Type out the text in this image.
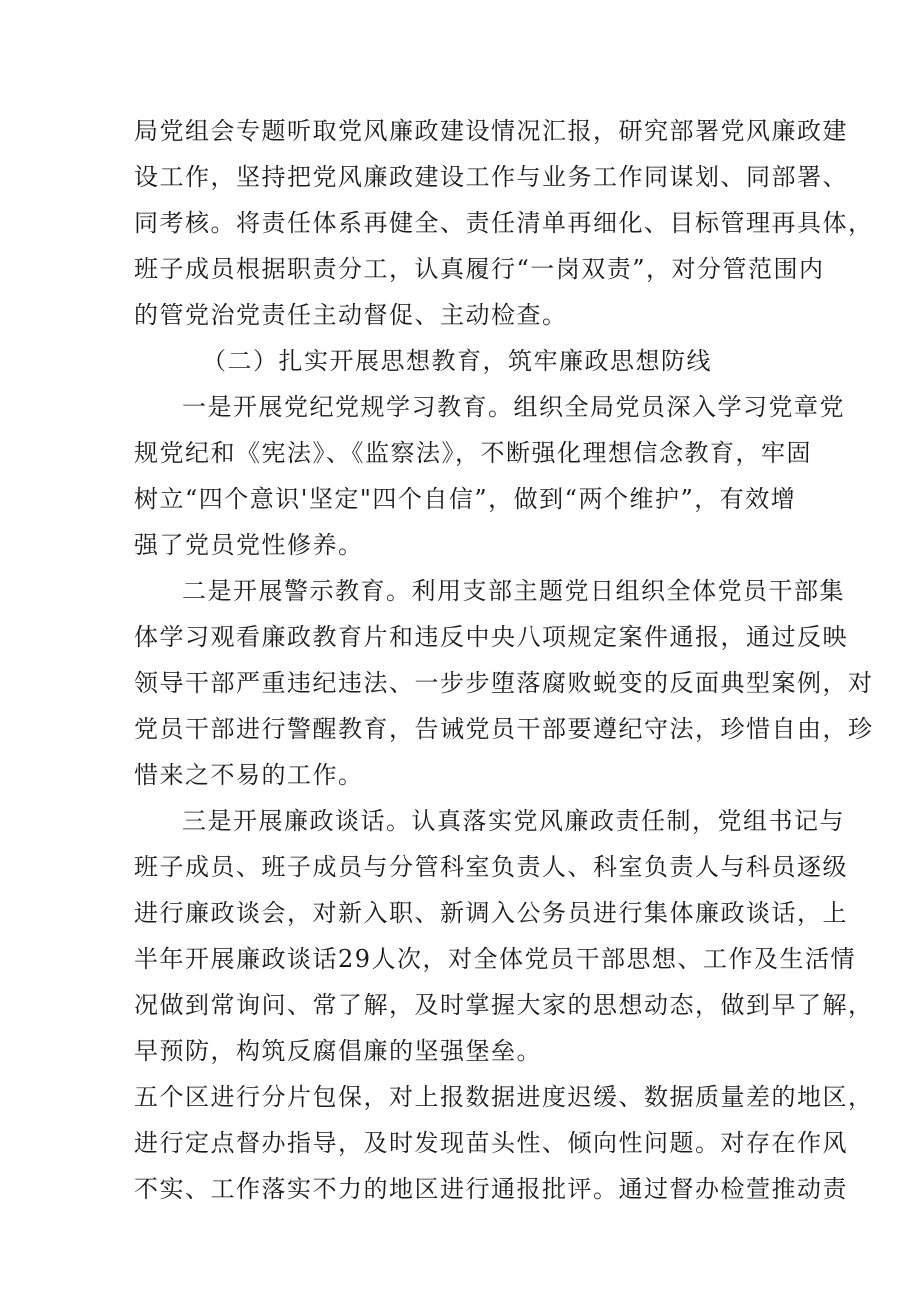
局党组会专题听取党风廉政建设情况汇报，研究部署党风廉政建
设工作，坚持把党风廉政建设工作与业务工作同谋划、同部署、
同考核。将责任体系再健全、责任清单再细化、目标管理再具体，
班子成员根据职责分工，认真履行“一岗双责”，对分管范围内
的管党治党责任主动督促、主动检查。
（二）扎实开展思想教育，筑牢廉政思想防线
一是开展党纪党规学习教育。组织全局党员深入学习党章党
规党纪和《宪法》、《监察法》，不断强化理想信念教育，牢固
树立“四个意识'坚定"四个自信”，做到“两个维护”，有效增
强了党员党性修养。
二是开展警示教育。利用支部主题党日组织全体党员干部集
体学习观看廉政教育片和违反中央八项规定案件通报，通过反映
领导干部严重违纪违法、一步步堕落腐败蜕变的反面典型案例，对
党员干部进行警醒教育，告诫党员干部要遵纪守法，珍惜自由，珍
惜来之不易的工作。
三是开展廉政谈话。认真落实党风廉政责任制，党组书记与
班子成员、班子成员与分管科室负责人、科室负责人与科员逐级
进行廉政谈会，对新入职、新调入公务员进行集体廉政谈话，上
半年开展廉政谈话29人次，对全体党员干部思想、工作及生活情
况做到常询问、常了解，及时掌握大家的思想动态，做到早了解，
早预防，构筑反腐倡廉的坚强堡垒。
五个区进行分片包保，对上报数据进度迟缓、数据质量差的地区，
进行定点督办指导，及时发现苗头性、倾向性问题。对存在作风
不实、工作落实不力的地区进行通报批评。通过督办检萱推动责
